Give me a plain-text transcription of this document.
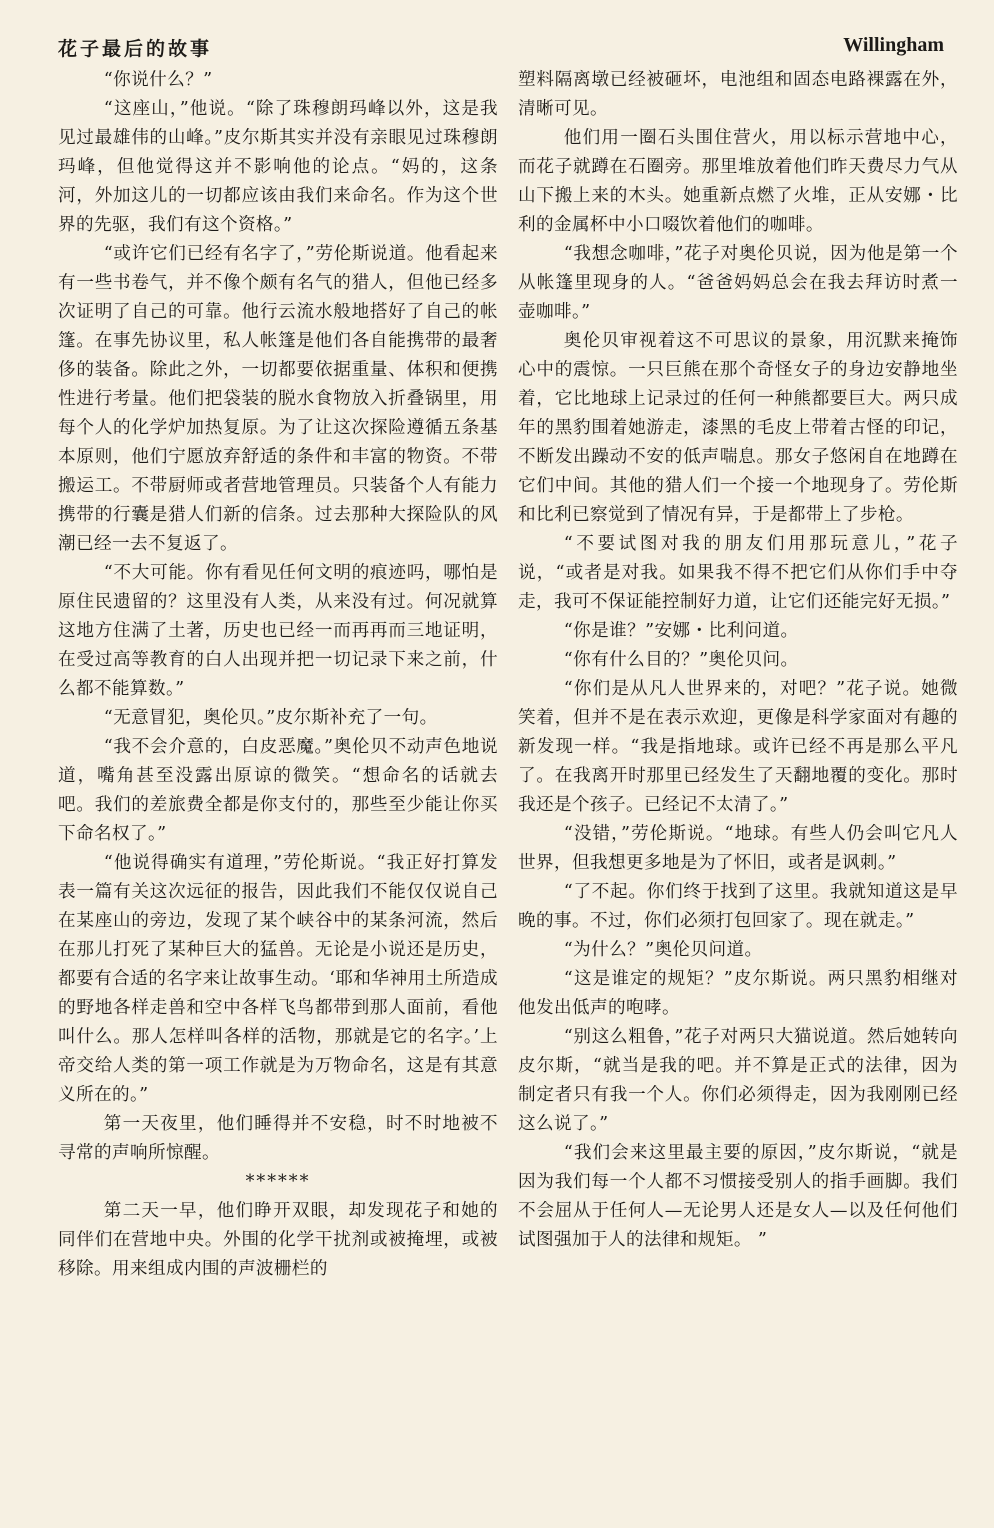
花子最后的故事	Willingham

“你说什么？”

“这座山，”他说。“除了珠穆朗玛峰以外，这是我见过最雄伟的山峰。”皮尔斯其实并没有亲眼见过珠穆朗玛峰，但他觉得这并不影响他的论点。“妈的，这条河，外加这儿的一切都应该由我们来命名。作为这个世界的先驱，我们有这个资格。”

“或许它们已经有名字了，”劳伦斯说道。他看起来有一些书卷气，并不像个颇有名气的猎人，但他已经多次证明了自己的可靠。他行云流水般地搭好了自己的帐篷。在事先协议里，私人帐篷是他们各自能携带的最奢侈的装备。除此之外，一切都要依据重量、体积和便携性进行考量。他们把袋装的脱水食物放入折叠锅里，用每个人的化学炉加热复原。为了让这次探险遵循五条基本原则，他们宁愿放弃舒适的条件和丰富的物资。不带搬运工。不带厨师或者营地管理员。只装备个人有能力携带的行囊是猎人们新的信条。过去那种大探险队的风潮已经一去不复返了。

“不大可能。你有看见任何文明的痕迹吗，哪怕是原住民遗留的？这里没有人类，从来没有过。何况就算这地方住满了土著，历史也已经一而再再而三地证明，在受过高等教育的白人出现并把一切记录下来之前，什么都不能算数。”

“无意冒犯，奥伦贝。”皮尔斯补充了一句。

“我不会介意的，白皮恶魔。”奥伦贝不动声色地说道，嘴角甚至没露出原谅的微笑。“想命名的话就去吧。我们的差旅费全都是你支付的，那些至少能让你买下命名权了。”

“他说得确实有道理，”劳伦斯说。“我正好打算发表一篇有关这次远征的报告，因此我们不能仅仅说自己在某座山的旁边，发现了某个峡谷中的某条河流，然后在那儿打死了某种巨大的猛兽。无论是小说还是历史，都要有合适的名字来让故事生动。‘耶和华神用土所造成的野地各样走兽和空中各样飞鸟都带到那人面前，看他叫什么。那人怎样叫各样的活物，那就是它的名字。’上帝交给人类的第一项工作就是为万物命名，这是有其意义所在的。”

第一天夜里，他们睡得并不安稳，时不时地被不寻常的声响所惊醒。

******

第二天一早，他们睁开双眼，却发现花子和她的同伴们在营地中央。外围的化学干扰剂或被掩埋，或被移除。用来组成内围的声波栅栏的

塑料隔离墩已经被砸坏，电池组和固态电路裸露在外，清晰可见。

他们用一圈石头围住营火，用以标示营地中心，而花子就蹲在石圈旁。那里堆放着他们昨天费尽力气从山下搬上来的木头。她重新点燃了火堆，正从安娜・比利的金属杯中小口啜饮着他们的咖啡。

“我想念咖啡，”花子对奥伦贝说，因为他是第一个从帐篷里现身的人。“爸爸妈妈总会在我去拜访时煮一壶咖啡。”

奥伦贝审视着这不可思议的景象，用沉默来掩饰心中的震惊。一只巨熊在那个奇怪女子的身边安静地坐着，它比地球上记录过的任何一种熊都要巨大。两只成年的黑豹围着她游走，漆黑的毛皮上带着古怪的印记，不断发出躁动不安的低声喘息。那女子悠闲自在地蹲在它们中间。其他的猎人们一个接一个地现身了。劳伦斯和比利已察觉到了情况有异，于是都带上了步枪。

“不要试图对我的朋友们用那玩意儿，”花子说，“或者是对我。如果我不得不把它们从你们手中夺走，我可不保证能控制好力道，让它们还能完好无损。”

“你是谁？”安娜・比利问道。

“你有什么目的？”奥伦贝问。

“你们是从凡人世界来的，对吧？”花子说。她微笑着，但并不是在表示欢迎，更像是科学家面对有趣的新发现一样。“我是指地球。或许已经不再是那么平凡了。在我离开时那里已经发生了天翻地覆的变化。那时我还是个孩子。已经记不太清了。”

“没错，”劳伦斯说。“地球。有些人仍会叫它凡人世界，但我想更多地是为了怀旧，或者是讽刺。”

“了不起。你们终于找到了这里。我就知道这是早晚的事。不过，你们必须打包回家了。现在就走。”

“为什么？”奥伦贝问道。

“这是谁定的规矩？”皮尔斯说。两只黑豹相继对他发出低声的咆哮。

“别这么粗鲁，”花子对两只大猫说道。然后她转向皮尔斯，“就当是我的吧。并不算是正式的法律，因为制定者只有我一个人。你们必须得走，因为我刚刚已经这么说了。”

“我们会来这里最主要的原因，”皮尔斯说，“就是因为我们每一个人都不习惯接受别人的指手画脚。我们不会屈从于任何人—无论男人还是女人—以及任何他们试图强加于人的法律和规矩。 ”
